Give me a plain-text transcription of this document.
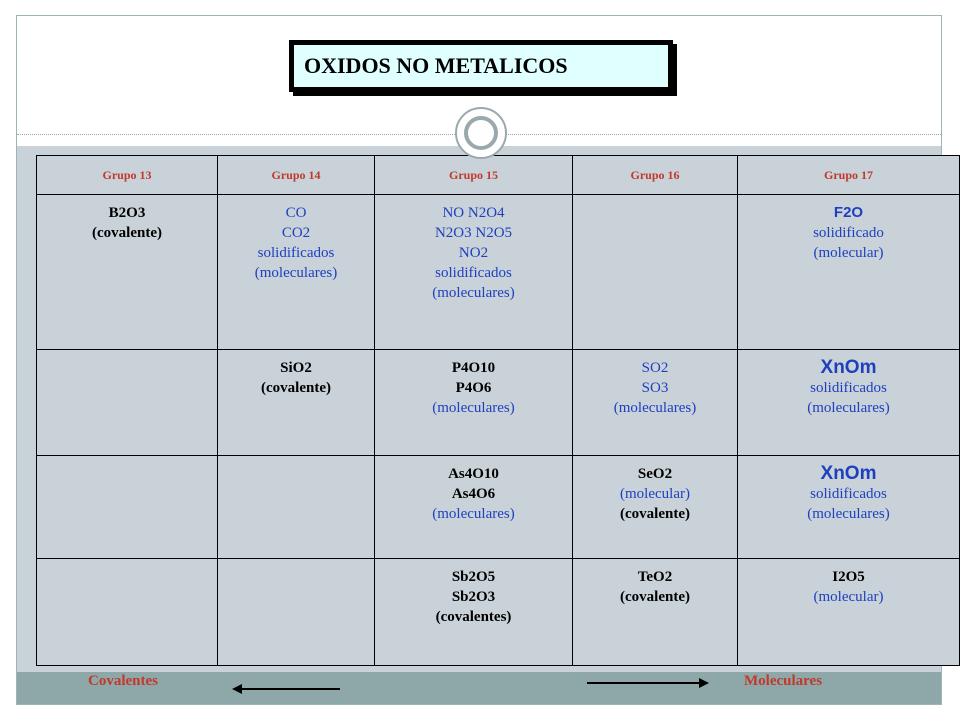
OXIDOS NO METALICOS
Grupo 13	Grupo 14	Grupo 15	Grupo 16	Grupo 17

B2O3
(covalente)	CO
CO2
solidificados
(moleculares)	NO N2O4
N2O3 N2O5
NO2
solidificados
(moleculares)		F2O
solidificado
(molecular)

	SiO2
(covalente)	P4O10
P4O6
(moleculares)	SO2
SO3
(moleculares)	XnOm
solidificados
(moleculares)

		As4O10
As4O6
(moleculares)	SeO2
(molecular)
(covalente)	XnOm
solidificados
(moleculares)

		Sb2O5
Sb2O3
(covalentes)	TeO2
(covalente)	I2O5
(molecular)
Covalentes	Moleculares
